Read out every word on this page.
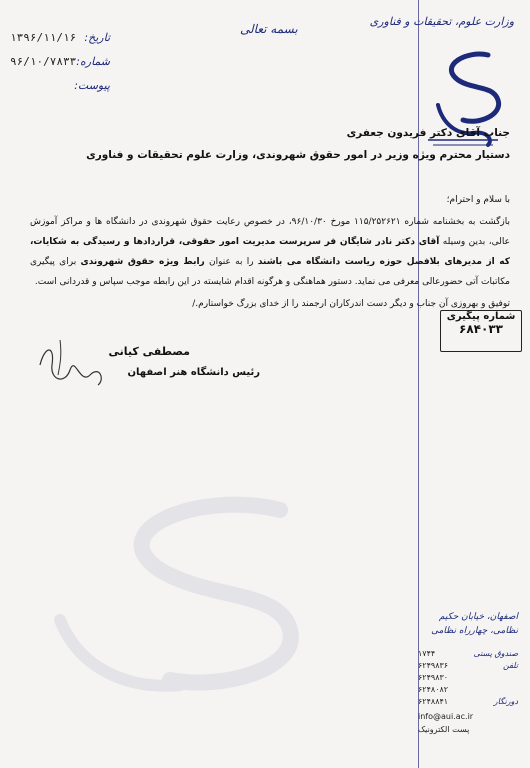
وزارت علوم، تحقیقات و فناوری
تاریخ:
۱۳۹۶/۱۱/۱۶
شماره:
۹۶/۱۰/۷۸۳۳
پیوست:
بسمه تعالی
جناب آقای دکتر فریدون جعفری
دستیار محترم ویژه وزیر در امور حقوق شهروندی، وزارت علوم تحقیقات و فناوری

با سلام و احترام؛

بازگشت به بخشنامه شماره ۱۱۵/۲۵۲۶۲۱ مورخ ۹۶/۱۰/۳۰، در خصوص رعایت حقوق شهروندی در دانشگاه ها و مراکز آموزش عالی، بدین وسیله آقای دکتر نادر شایگان فر سرپرست مدیریت امور حقوقی، قراردادها و رسیدگی به شکایات، که از مدیرهای بلافصل حوزه ریاست دانشگاه می باشند را به عنوان رابط ویژه حقوق شهروندی برای پیگیری مکاتبات آتی حضورعالی معرفی می نماید. دستور هماهنگی و هرگونه اقدام شایسته در این رابطه موجب سپاس و قدردانی است.

توفیق و بهروزی آن جناب و دیگر دست اندرکاران ارجمند را از خدای بزرگ خواستارم./

شماره پیگیری
۶۸۴۰۳۳
مصطفی کیانی
رئیس دانشگاه هنر اصفهان
اصفهان، خیابان حکیم نظامی، چهارراه نظامی
صندوق پستی
۱۷۴۴
تلفن
۶۲۴۹۸۳۶
۶۲۴۹۸۳۰
۶۲۴۸۰۸۲
دورنگار
۶۲۴۸۸۴۱
info@aui.ac.ir
پست الکترونیک
